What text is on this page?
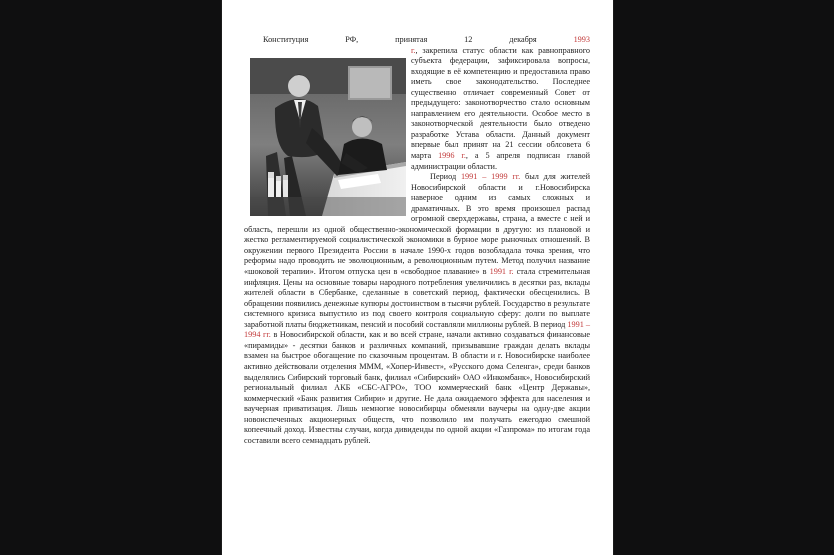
Конституция РФ, принятая 12 декабря 1993 г.
, закрепила статус области как равноправного субъекта федерации, зафиксировала вопросы, входящие в её компетенцию и предоставила право иметь свое законодательство. Последнее существенно отличает современный Совет от предыдущего: законотворчество стало основным направлением его деятельности. Особое место в законотворческой деятельности было отведено разработке Устава области. Данный документ впервые был принят на 21 сессии облсовета 6 марта 1996 г., а 5 апреля подписан главой администрации области.

Период 1991 – 1999 гг. был для жителей Новосибирской области и г.Новосибирска наверное одним из самых сложных и драматичных. В это время произошел распад огромной сверхдержавы, страна, а вместе с ней и область, перешли из одной общественно-экономической формации в другую: из плановой и жестко регламентируемой социалистической экономики в бурное море рыночных отношений. В окружении первого Президента России в начале 1990-х годов возобладала точка зрения, что реформы надо проводить не эволюционным, а революционным путем. Метод получил название «шоковой терапии». Итогом отпуска цен в «свободное плавание» в 1991 г. стала стремительная инфляция. Цены на основные товары народного потребления увеличились в десятки раз, вклады жителей области в Сбербанке, сделанные в советский период, фактически обесценились. В обращении появились денежные купюры достоинством в тысячи рублей. Государство в результате системного кризиса выпустило из под своего контроля социальную сферу: долги по выплате заработной платы бюджетникам, пенсий и пособий составляли миллионы рублей. В период 1991 – 1994 гг. в Новосибирской области, как и во всей стране, начали активно создаваться финансовые «пирамиды» - десятки банков и различных компаний, призывавшие граждан делать вклады взамен на быстрое обогащение по сказочным процентам. В области и г. Новосибирске наиболее активно действовали отделения МММ, «Хопер-Инвест», «Русского дома Селенга», среди банков выделялись Сибирский торговый банк, филиал «Сибирский» ОАО «Инкомбанк», Новосибирский региональный филиал АКБ «СБС-АГРО», ТОО коммерческий банк «Центр Державы», коммерческий «Банк развития Сибири» и другие. Не дала ожидаемого эффекта для населения и ваучерная приватизация. Лишь немногие новосибирцы обменяли ваучеры на одну-две акции новоиспеченных акционерных обществ, что позволило им получать ежегодно смешной копеечный доход. Известны случаи, когда дивиденды по одной акции «Газпрома» по итогам года составили всего семнадцать рублей.
